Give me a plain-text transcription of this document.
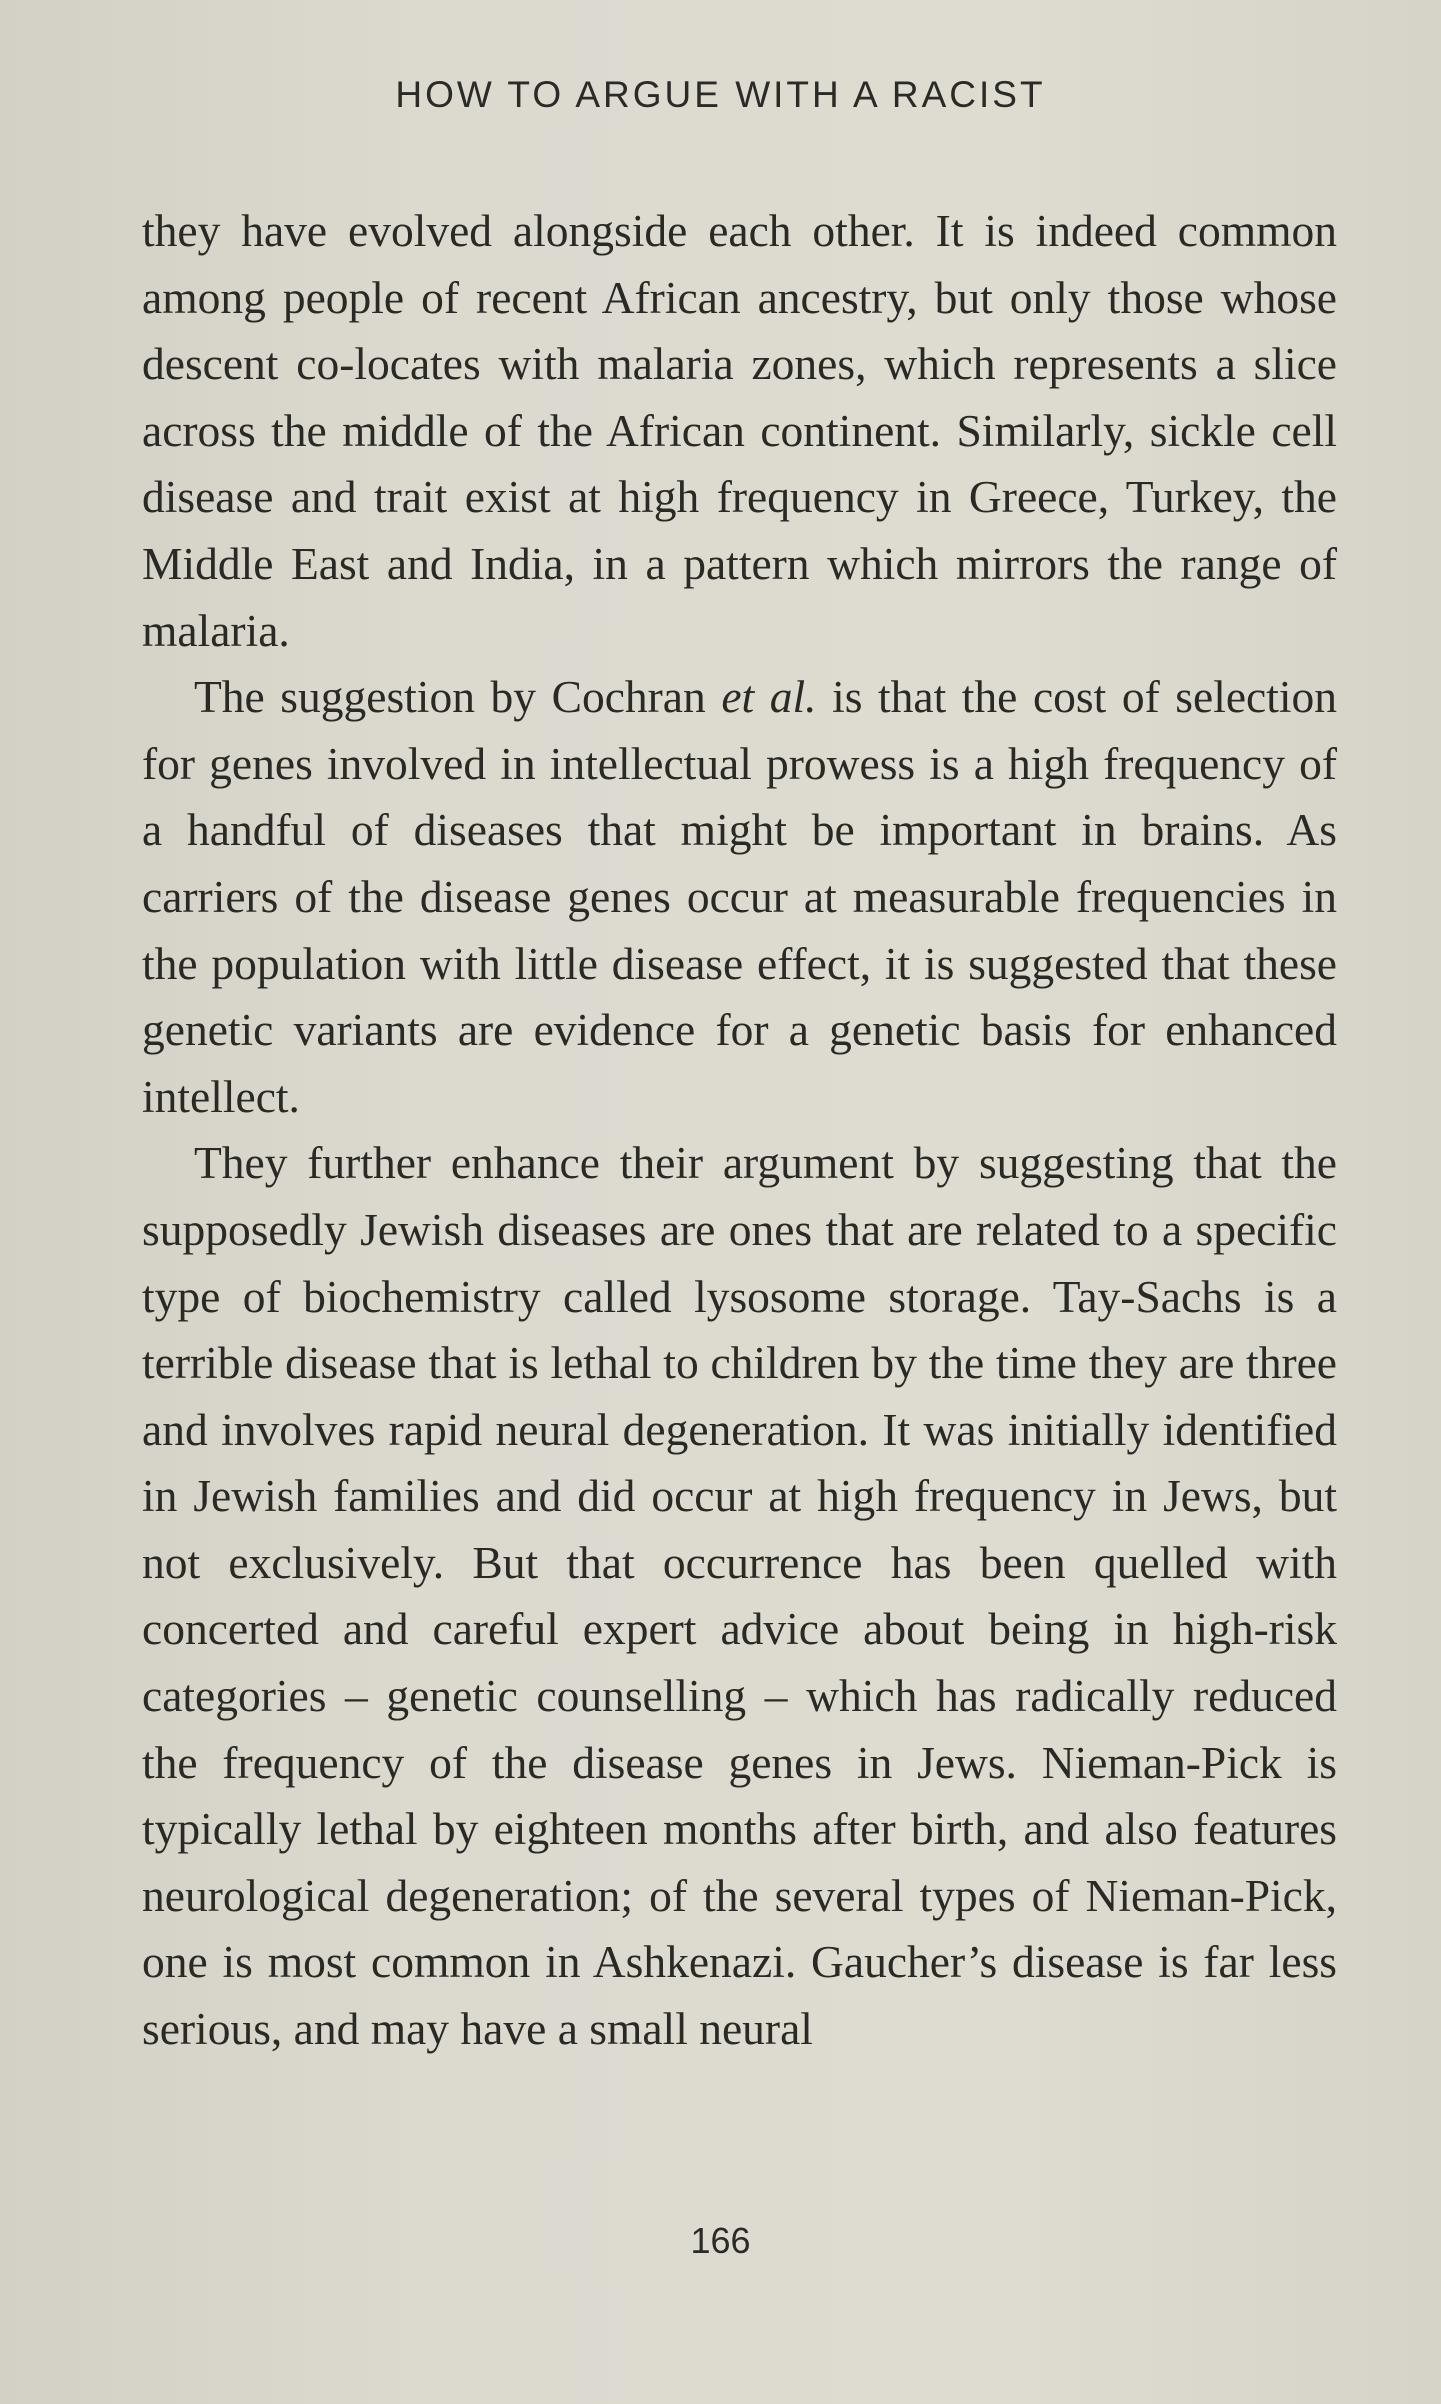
HOW TO ARGUE WITH A RACIST

they have evolved alongside each other. It is indeed common among people of recent African ancestry, but only those whose descent co-locates with malaria zones, which represents a slice across the middle of the African continent. Similarly, sickle cell disease and trait exist at high frequency in Greece, Turkey, the Middle East and India, in a pattern which mirrors the range of malaria.

The suggestion by Cochran et al. is that the cost of selection for genes involved in intellectual prowess is a high frequency of a handful of diseases that might be important in brains. As carriers of the disease genes occur at measurable frequencies in the population with little disease effect, it is suggested that these genetic variants are evidence for a genetic basis for enhanced intellect.

They further enhance their argument by suggesting that the supposedly Jewish diseases are ones that are related to a specific type of biochemistry called lysosome storage. Tay-Sachs is a terrible disease that is lethal to children by the time they are three and involves rapid neural degeneration. It was initially identified in Jewish families and did occur at high frequency in Jews, but not exclusively. But that occurrence has been quelled with concerted and careful expert advice about being in high-risk categories – genetic counselling – which has radically reduced the frequency of the disease genes in Jews. Nieman-Pick is typically lethal by eighteen months after birth, and also features neurological degeneration; of the several types of Nieman-Pick, one is most common in Ashkenazi. Gaucher’s disease is far less serious, and may have a small neural

166
